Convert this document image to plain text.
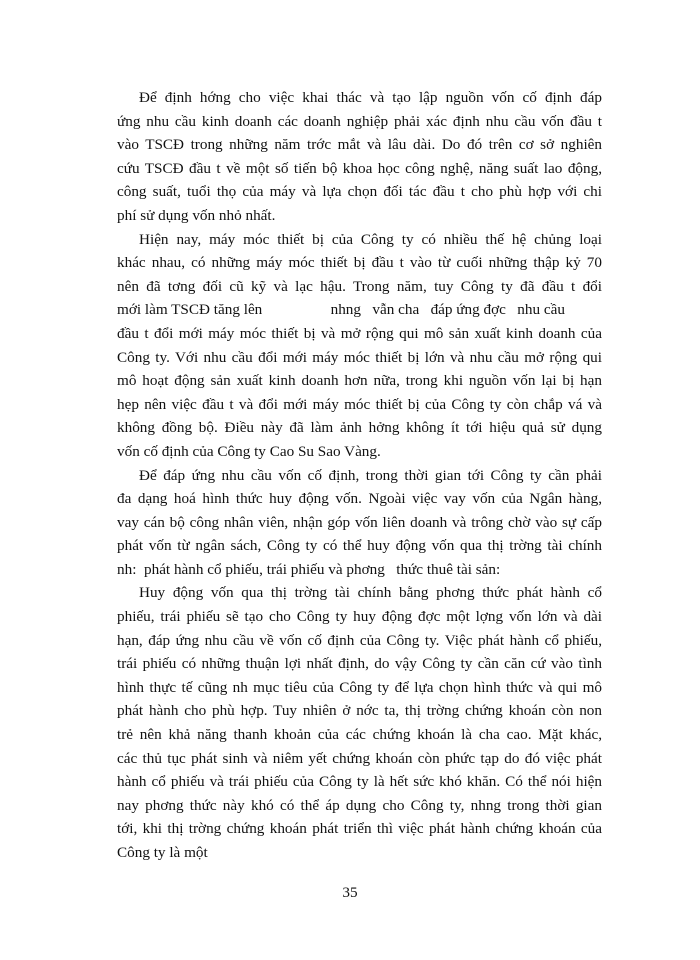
Để định hớng cho việc khai thác và tạo lập nguồn vốn cố định đáp
ứng nhu cầu kinh doanh các doanh nghiệp phải xác định nhu cầu vốn đầu t
vào TSCĐ trong những năm trớc mắt và lâu dài. Do đó trên cơ sở nghiên
cứu TSCĐ đầu t về một số tiến bộ khoa học công nghệ, năng suất lao động,
công suất, tuổi thọ của máy và lựa chọn đối tác đầu t cho phù hợp với chi
phí sử dụng vốn nhỏ nhất.
Hiện nay, máy móc thiết bị của Công ty có nhiều thế hệ chủng loại
khác nhau, có những máy móc thiết bị đầu t vào từ cuối những thập kỷ 70
nên đã tơng đối cũ kỹ và lạc hậu. Trong năm, tuy Công ty đã đầu t đổi
mới làm TSCĐ tăng lên                  nhng   vẫn cha   đáp ứng đợc   nhu cầu
đầu t đổi mới máy móc thiết bị và mở rộng qui mô sản xuất kinh doanh của
Công ty. Với nhu cầu đổi mới máy móc thiết bị lớn và nhu cầu mở rộng qui
mô hoạt động sản xuất kinh doanh hơn nữa, trong khi nguồn vốn lại bị hạn
hẹp nên việc đầu t và đổi mới máy móc thiết bị của Công ty còn chắp vá và
không đồng bộ. Điều này đã làm ảnh hởng không ít tới hiệu quả sử dụng
vốn cố định của Công ty Cao Su Sao Vàng.
Để đáp ứng nhu cầu vốn cố định, trong thời gian tới Công ty cần phải
đa dạng hoá hình thức huy động vốn. Ngoài việc vay vốn của Ngân hàng,
vay cán bộ công nhân viên, nhận góp vốn liên doanh và trông chờ vào sự cấp
phát vốn từ ngân sách, Công ty có thể huy động vốn qua thị trờng tài chính
nh:  phát hành cổ phiếu, trái phiếu và phơng   thức thuê tài sản:
Huy động vốn qua thị trờng tài chính bằng phơng thức phát hành cổ
phiếu, trái phiếu sẽ tạo cho Công ty huy động đợc một lợng vốn lớn và dài
hạn, đáp ứng nhu cầu về vốn cố định của Công ty. Việc phát hành cổ phiếu,
trái phiếu có những thuận lợi nhất định, do vậy Công ty cần căn cứ vào tình
hình thực tế cũng nh mục tiêu của Công ty để lựa chọn hình thức và qui mô
phát hành cho phù hợp. Tuy nhiên ở nớc ta, thị trờng chứng khoán còn non
trẻ nên khả năng thanh khoản của các chứng khoán là cha cao. Mặt khác,
các thủ tục phát sinh và niêm yết chứng khoán còn phức tạp do đó việc phát
hành cổ phiếu và trái phiếu của Công ty là hết sức khó khăn. Có thể nói hiện
nay phơng thức này khó có thể áp dụng cho Công ty, nhng trong thời gian
tới, khi thị trờng chứng khoán phát triển thì việc phát hành chứng khoán của
Công ty là một
35
